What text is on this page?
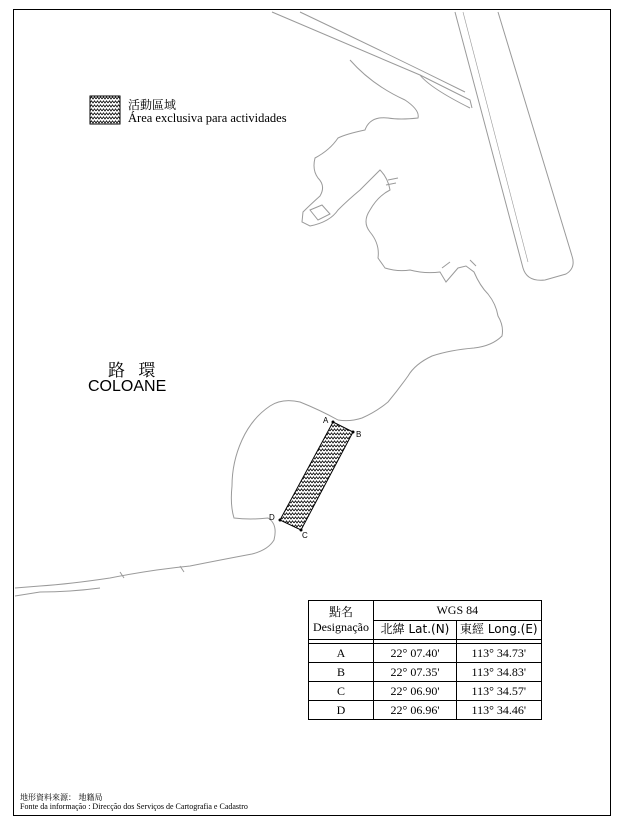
活動區域
Área exclusiva para actividades
路 環
COLOANE
A
B
C
D
點名
Designação	WGS 84	
	北緯 Lat.(N)	東經 Long.(E)

A	22° 07.40'	113° 34.73'
B	22° 07.35'	113° 34.83'
C	22° 06.90'	113° 34.57'
D	22° 06.96'	113° 34.46'
地形資料來源： 地籍局
Fonte da informação : Direcção dos Serviços de Cartografia e Cadastro
